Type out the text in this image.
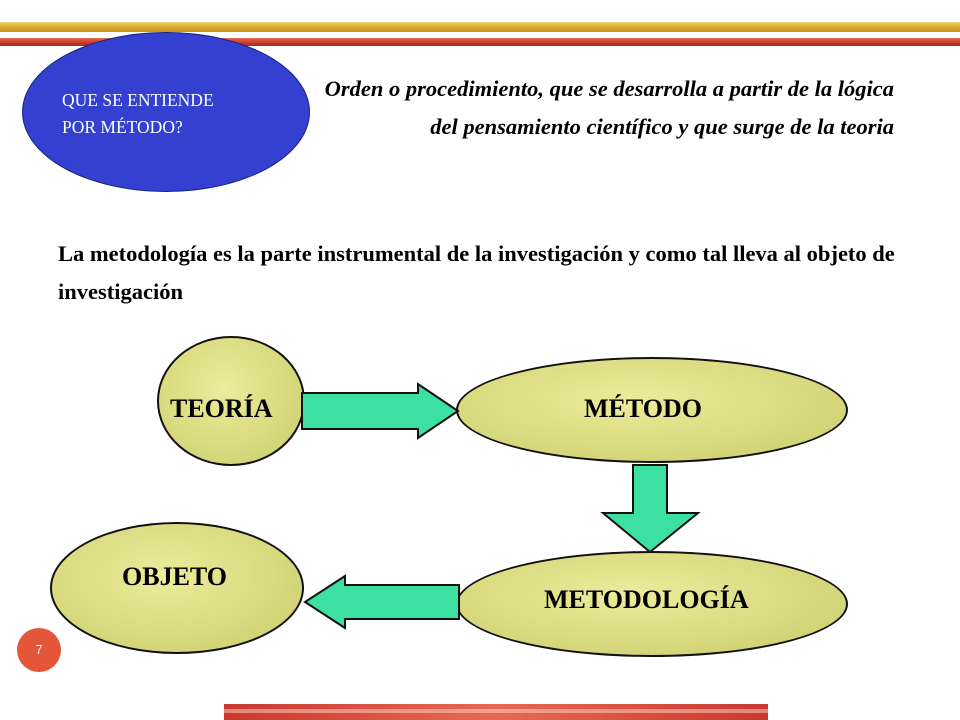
QUE SE ENTIENDE
POR MÉTODO?
Orden o procedimiento, que se desarrolla a partir de la lógica del pensamiento científico y que surge de la teoria
La metodología es la parte instrumental de la investigación y como tal lleva al objeto de investigación
TEORÍA	MÉTODO
OBJETO
METODOLOGÍA
7
